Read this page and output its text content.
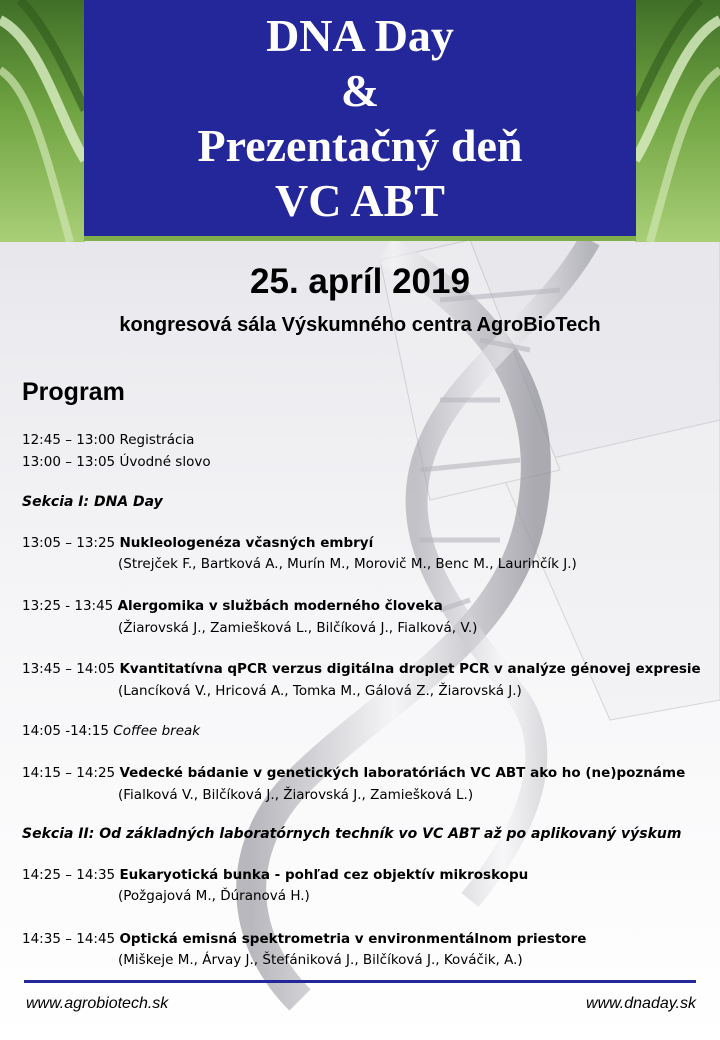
DNA Day
&
Prezentačný deň
VC ABT
25. apríl 2019
kongresová sála Výskumného centra AgroBioTech
Program
12:45 – 13:00 Registrácia
13:00 – 13:05 Úvodné slovo
Sekcia I: DNA Day
13:05 – 13:25 Nukleologenéza včasných embryí
(Strejček F., Bartková A., Murín M., Morovič M., Benc M., Laurinčík J.)
13:25 - 13:45 Alergomika v službách moderného človeka
(Žiarovská J., Zamiešková L., Bilčíková J., Fialková, V.)
13:45 – 14:05 Kvantitatívna qPCR verzus digitálna droplet PCR v analýze génovej expresie
(Lancíková V., Hricová A., Tomka M., Gálová Z., Žiarovská J.)
14:05 -14:15 Coffee break
14:15 – 14:25 Vedecké bádanie v genetických laboratóriách VC ABT ako ho (ne)poznáme
(Fialková V., Bilčíková J., Žiarovská J., Zamiešková L.)
Sekcia II: Od základných laboratórnych techník vo VC ABT až po aplikovaný výskum
14:25 – 14:35 Eukaryotická bunka - pohľad cez objektív mikroskopu
(Požgajová M., Ďúranová H.)
14:35 – 14:45 Optická emisná spektrometria v environmentálnom priestore
(Miškeje M., Árvay J., Štefániková J., Bilčíková J., Kováčik, A.)
www.agrobiotech.sk	www.dnaday.sk
